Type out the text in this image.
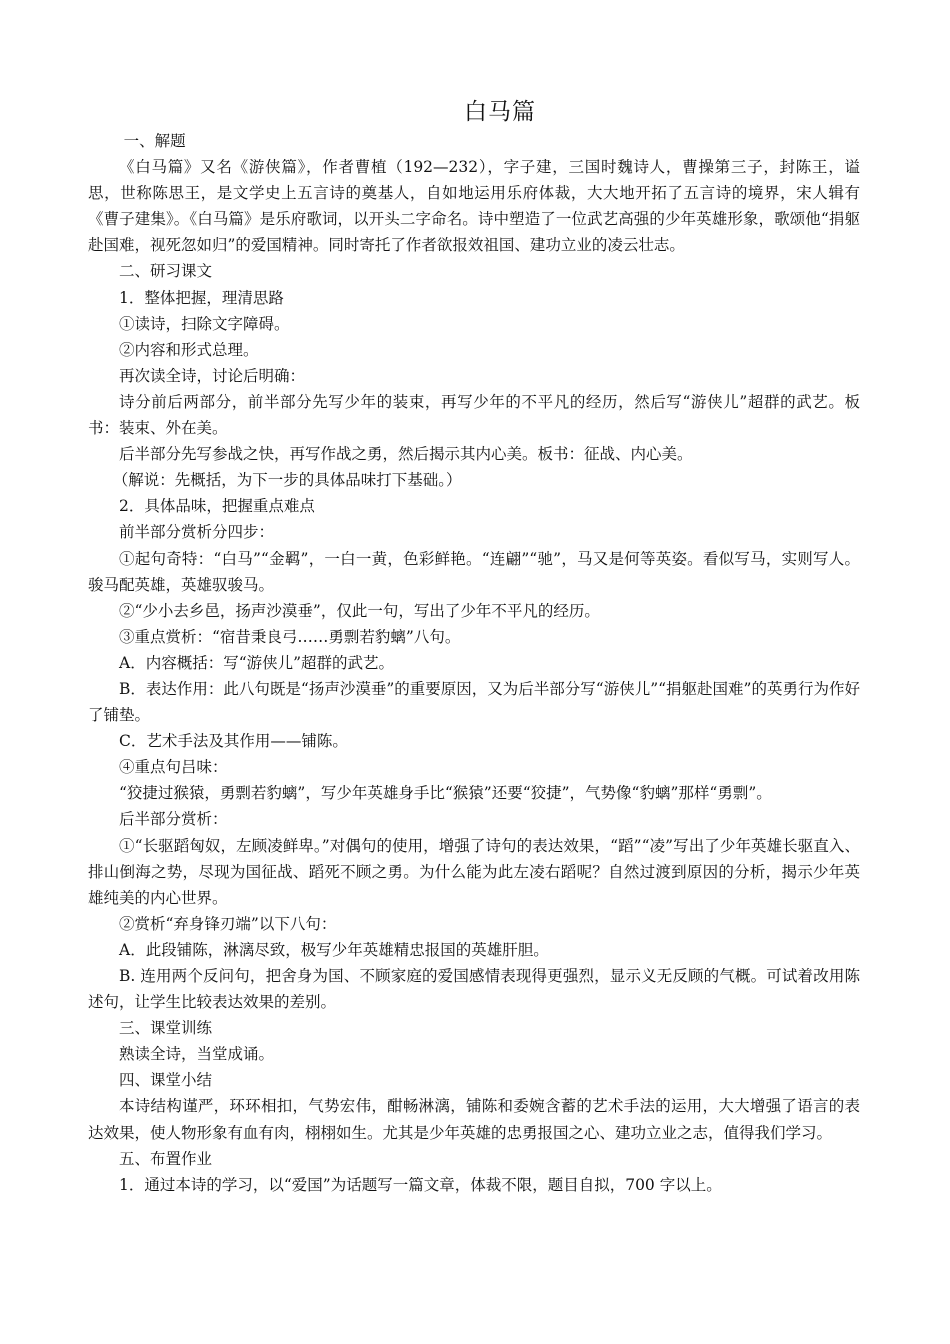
白马篇

一、解题

《白马篇》又名《游侠篇》，作者曹植（192—232），字子建，三国时魏诗人，曹操第三子，封陈王，谥思，世称陈思王，是文学史上五言诗的奠基人，自如地运用乐府体裁，大大地开拓了五言诗的境界，宋人辑有《曹子建集》。《白马篇》是乐府歌词，以开头二字命名。诗中塑造了一位武艺高强的少年英雄形象，歌颂他“捐躯赴国难，视死忽如归”的爱国精神。同时寄托了作者欲报效祖国、建功立业的凌云壮志。

二、研习课文

1．整体把握，理清思路

①读诗，扫除文字障碍。

②内容和形式总理。

再次读全诗，讨论后明确：

诗分前后两部分，前半部分先写少年的装束，再写少年的不平凡的经历，然后写“游侠儿”超群的武艺。板书：装束、外在美。

后半部分先写参战之快，再写作战之勇，然后揭示其内心美。板书：征战、内心美。

（解说：先概括，为下一步的具体品味打下基础。）

2．具体品味，把握重点难点

前半部分赏析分四步：

①起句奇特：“白马”“金羁”，一白一黄，色彩鲜艳。“连翩”“驰”，马又是何等英姿。看似写马，实则写人。骏马配英雄，英雄驭骏马。

②“少小去乡邑，扬声沙漠垂”，仅此一句，写出了少年不平凡的经历。

③重点赏析：“宿昔秉良弓……勇剽若豹螭”八句。

A．内容概括：写“游侠儿”超群的武艺。

B．表达作用：此八句既是“扬声沙漠垂”的重要原因，又为后半部分写“游侠儿”“捐躯赴国难”的英勇行为作好了铺垫。

C．艺术手法及其作用——铺陈。

④重点句吕味：

“狡捷过猴猿，勇剽若豹螭”，写少年英雄身手比“猴猿”还要“狡捷”，气势像“豹螭”那样“勇剽”。

后半部分赏析：

①“长驱蹈匈奴，左顾凌鲜卑。”对偶句的使用，增强了诗句的表达效果，“蹈”“凌”写出了少年英雄长驱直入、排山倒海之势，尽现为国征战、蹈死不顾之勇。为什么能为此左凌右蹈呢？自然过渡到原因的分析，揭示少年英雄纯美的内心世界。

②赏析“弃身锋刃端”以下八句：

A．此段铺陈，淋漓尽致，极写少年英雄精忠报国的英雄肝胆。

B. 连用两个反问句，把舍身为国、不顾家庭的爱国感情表现得更强烈，显示义无反顾的气概。可试着改用陈述句，让学生比较表达效果的差别。

三、课堂训练

熟读全诗，当堂成诵。

四、课堂小结

本诗结构谨严，环环相扣，气势宏伟，酣畅淋漓，铺陈和委婉含蓄的艺术手法的运用，大大增强了语言的表达效果，使人物形象有血有肉，栩栩如生。尤其是少年英雄的忠勇报国之心、建功立业之志，值得我们学习。

五、布置作业

1．通过本诗的学习，以“爱国”为话题写一篇文章，体裁不限，题目自拟，700 字以上。
